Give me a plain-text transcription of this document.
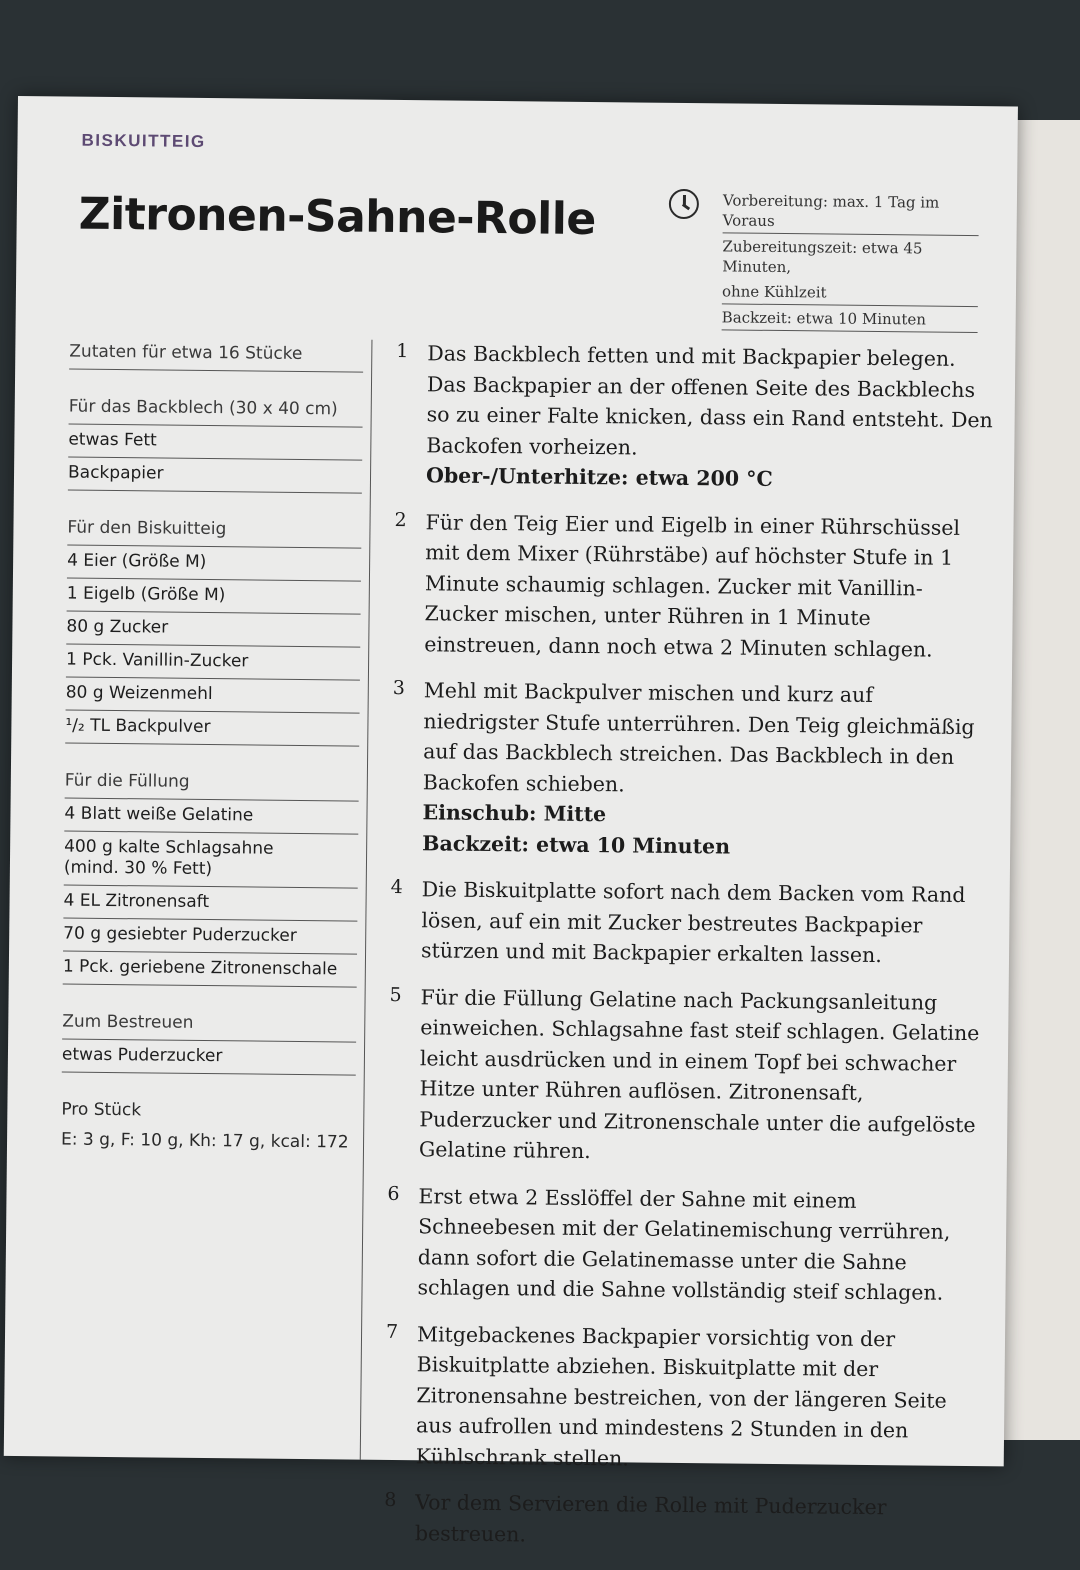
BISKUITTEIG
Zitronen-Sahne-Rolle	Vorbereitung: max. 1 Tag im Voraus
Zubereitungszeit: etwa 45 Minuten,
ohne Kühlzeit
Backzeit: etwa 10 Minuten
Zutaten für etwa 16 Stücke
Für das Backblech (30 x 40 cm)
etwas Fett
Backpapier
Für den Biskuitteig
4 Eier (Größe M)
1 Eigelb (Größe M)
80 g Zucker
1 Pck. Vanillin-Zucker
80 g Weizenmehl
¹/₂ TL Backpulver
Für die Füllung
4 Blatt weiße Gelatine
400 g kalte Schlagsahne
(mind. 30 % Fett)
4 EL Zitronensaft
70 g gesiebter Puderzucker
1 Pck. geriebene Zitronenschale
Zum Bestreuen
etwas Puderzucker
Pro Stück
E: 3 g, F: 10 g, Kh: 17 g, kcal: 172
1 Das Backblech fetten und mit Backpapier belegen. Das Backpapier an der offenen Seite des Backblechs so zu einer Falte knicken, dass ein Rand entsteht. Den Backofen vorheizen.
Ober-/Unterhitze: etwa 200 °C
2 Für den Teig Eier und Eigelb in einer Rührschüssel mit dem Mixer (Rührstäbe) auf höchster Stufe in 1 Minute schaumig schlagen. Zucker mit Vanillin-Zucker mischen, unter Rühren in 1 Minute einstreuen, dann noch etwa 2 Minuten schlagen.
3 Mehl mit Backpulver mischen und kurz auf niedrigster Stufe unterrühren. Den Teig gleichmäßig auf das Backblech streichen. Das Backblech in den Backofen schieben.
Einschub: Mitte
Backzeit: etwa 10 Minuten
4 Die Biskuitplatte sofort nach dem Backen vom Rand lösen, auf ein mit Zucker bestreutes Backpapier stürzen und mit Backpapier erkalten lassen.
5 Für die Füllung Gelatine nach Packungsanleitung einweichen. Schlagsahne fast steif schlagen. Gelatine leicht ausdrücken und in einem Topf bei schwacher Hitze unter Rühren auflösen. Zitronensaft, Puderzucker und Zitronenschale unter die aufgelöste Gelatine rühren.
6 Erst etwa 2 Esslöffel der Sahne mit einem Schneebesen mit der Gelatinemischung verrühren, dann sofort die Gelatinemasse unter die Sahne schlagen und die Sahne vollständig steif schlagen.
7 Mitgebackenes Backpapier vorsichtig von der Biskuitplatte abziehen. Biskuitplatte mit der Zitronensahne bestreichen, von der längeren Seite aus aufrollen und mindestens 2 Stunden in den Kühlschrank stellen.
8 Vor dem Servieren die Rolle mit Puderzucker bestreuen.
